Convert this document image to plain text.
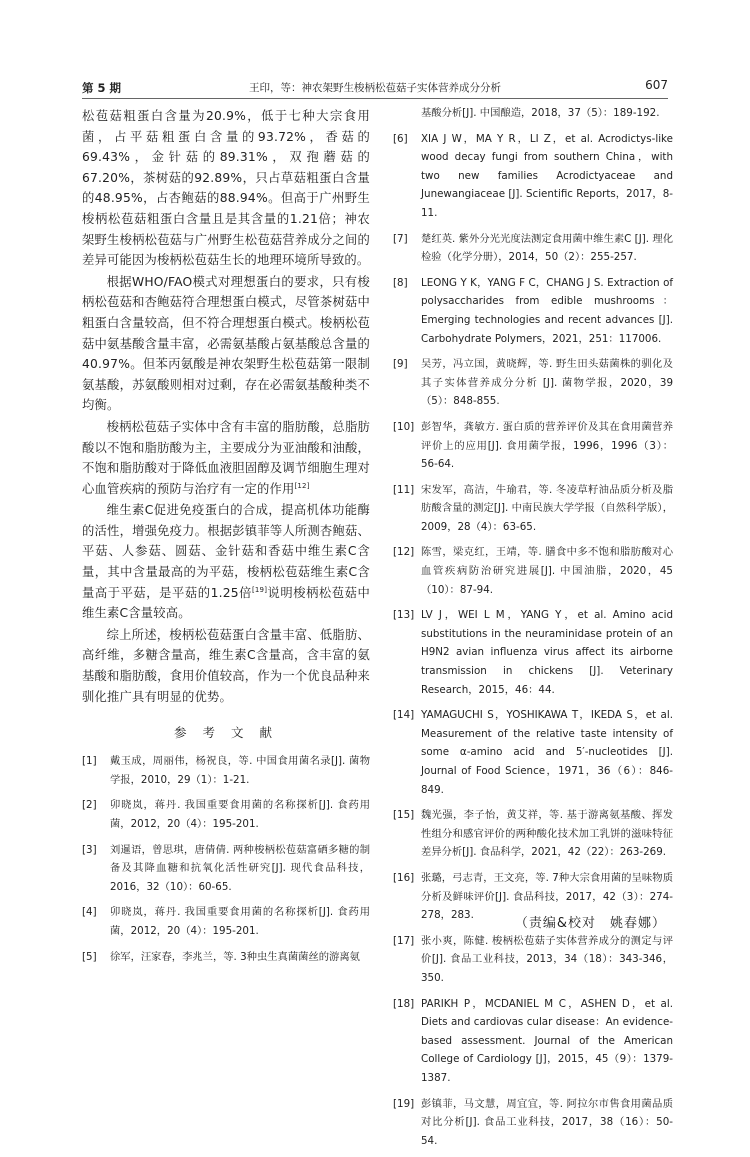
第 5 期	王印，等：神农架野生梭柄松苞菇子实体营养成分分析	607

松苞菇粗蛋白含量为20.9%，低于七种大宗食用菌，占平菇粗蛋白含量的93.72%，香菇的69.43%，金针菇的89.31%，双孢蘑菇的67.20%，茶树菇的92.89%，只占草菇粗蛋白含量的48.95%，占杏鲍菇的88.94%。但高于广州野生梭柄松苞菇粗蛋白含量且是其含量的1.21倍；神农架野生梭柄松苞菇与广州野生松苞菇营养成分之间的差异可能因为梭柄松苞菇生长的地理环境所导致的。

根据WHO/FAO模式对理想蛋白的要求，只有梭柄松苞菇和杏鲍菇符合理想蛋白模式，尽管茶树菇中粗蛋白含量较高，但不符合理想蛋白模式。梭柄松苞菇中氨基酸含量丰富，必需氨基酸占氨基酸总含量的40.97%。但苯丙氨酸是神农架野生松苞菇第一限制氨基酸，苏氨酸则相对过剩，存在必需氨基酸种类不均衡。

梭柄松苞菇子实体中含有丰富的脂肪酸，总脂肪酸以不饱和脂肪酸为主，主要成分为亚油酸和油酸，不饱和脂肪酸对于降低血液胆固醇及调节细胞生理对心血管疾病的预防与治疗有一定的作用[12]

维生素C促进免疫蛋白的合成，提高机体功能酶的活性，增强免疫力。根据彭镇菲等人所测杏鲍菇、平菇、人参菇、圆菇、金针菇和香菇中维生素C含量，其中含量最高的为平菇，梭柄松苞菇维生素C含量高于平菇，是平菇的1.25倍[19]说明梭柄松苞菇中维生素C含量较高。

综上所述，梭柄松苞菇蛋白含量丰富、低脂肪、高纤维，多糖含量高，维生素C含量高，含丰富的氨基酸和脂肪酸，食用价值较高，作为一个优良品种来驯化推广具有明显的优势。

参 考 文 献
[1] 戴玉成，周丽伟，杨祝良，等. 中国食用菌名录[J]. 菌物学报，2010，29（1）：1-21.
[2] 卯晓岚，蒋丹. 我国重要食用菌的名称探析[J]. 食药用菌，2012，20（4）：195-201.
[3] 刘暹语，曾思琪，唐倩倩. 两种梭柄松苞菇富硒多糖的制备及其降血糖和抗氧化活性研究[J]. 现代食品科技，2016，32（10）：60-65.
[4] 卯晓岚，蒋丹. 我国重要食用菌的名称探析[J]. 食药用菌，2012，20（4）：195-201.
[5] 徐军，汪家春，李兆兰，等. 3种虫生真菌菌丝的游离氨
基酸分析[J]. 中国酿造，2018，37（5）：189-192.
[6] XIA J W，MA Y R，LI Z，et al. Acrodictys-like wood decay fungi from southern China，with two new families Acrodictyaceae and Junewangiaceae [J]. Scientific Reports，2017，8-11.
[7] 楚红英. 紫外分光光度法测定食用菌中维生素C [J]. 理化检验（化学分册），2014，50（2）：255-257.
[8] LEONG Y K，YANG F C，CHANG J S. Extraction of polysaccharides from edible mushrooms：Emerging technologies and recent advances [J]. Carbohydrate Polymers，2021，251：117006.
[9] 吴芳，冯立国，黄晓辉，等. 野生田头菇菌株的驯化及其子实体营养成分分析 [J]. 菌物学报，2020，39（5）：848-855.
[10] 彭智华，龚敏方. 蛋白质的营养评价及其在食用菌营养评价上的应用[J]. 食用菌学报，1996，1996（3）：56-64.
[11] 宋发军，高洁，牛瑜君，等. 冬凌草籽油品质分析及脂肪酸含量的测定[J]. 中南民族大学学报（自然科学版），2009，28（4）：63-65.
[12] 陈雪，梁克红，王靖，等. 膳食中多不饱和脂肪酸对心血管疾病防治研究进展[J]. 中国油脂，2020，45（10）：87-94.
[13] LV J，WEI L M，YANG Y，et al. Amino acid substitutions in the neuraminidase protein of an H9N2 avian influenza virus affect its airborne transmission in chickens [J]. Veterinary Research，2015，46：44.
[14] YAMAGUCHI S，YOSHIKAWA T，IKEDA S，et al. Measurement of the relative taste intensity of some α-amino acid and 5′-nucleotides [J]. Journal of Food Science，1971，36（6）：846-849.
[15] 魏光强，李子怡，黄艾祥，等. 基于游离氨基酸、挥发性组分和感官评价的两种酸化技术加工乳饼的滋味特征差异分析[J]. 食品科学，2021，42（22）：263-269.
[16] 张璐，弓志青，王文亮，等. 7种大宗食用菌的呈味物质分析及鲜味评价[J]. 食品科技，2017，42（3）：274-278，283.
[17] 张小爽，陈健. 梭柄松苞菇子实体营养成分的测定与评价[J]. 食品工业科技，2013，34（18）：343-346，350.
[18] PARIKH P，MCDANIEL M C，ASHEN D，et al. Diets and cardiovas cular disease：An evidence-based assessment. Journal of the American College of Cardiology [J]，2015，45（9）：1379-1387.
[19] 彭镇菲，马文慧，周宜宜，等. 阿拉尔市售食用菌品质对比分析[J]. 食品工业科技，2017，38（16）：50-54.
（责编&校对　姚春娜）
